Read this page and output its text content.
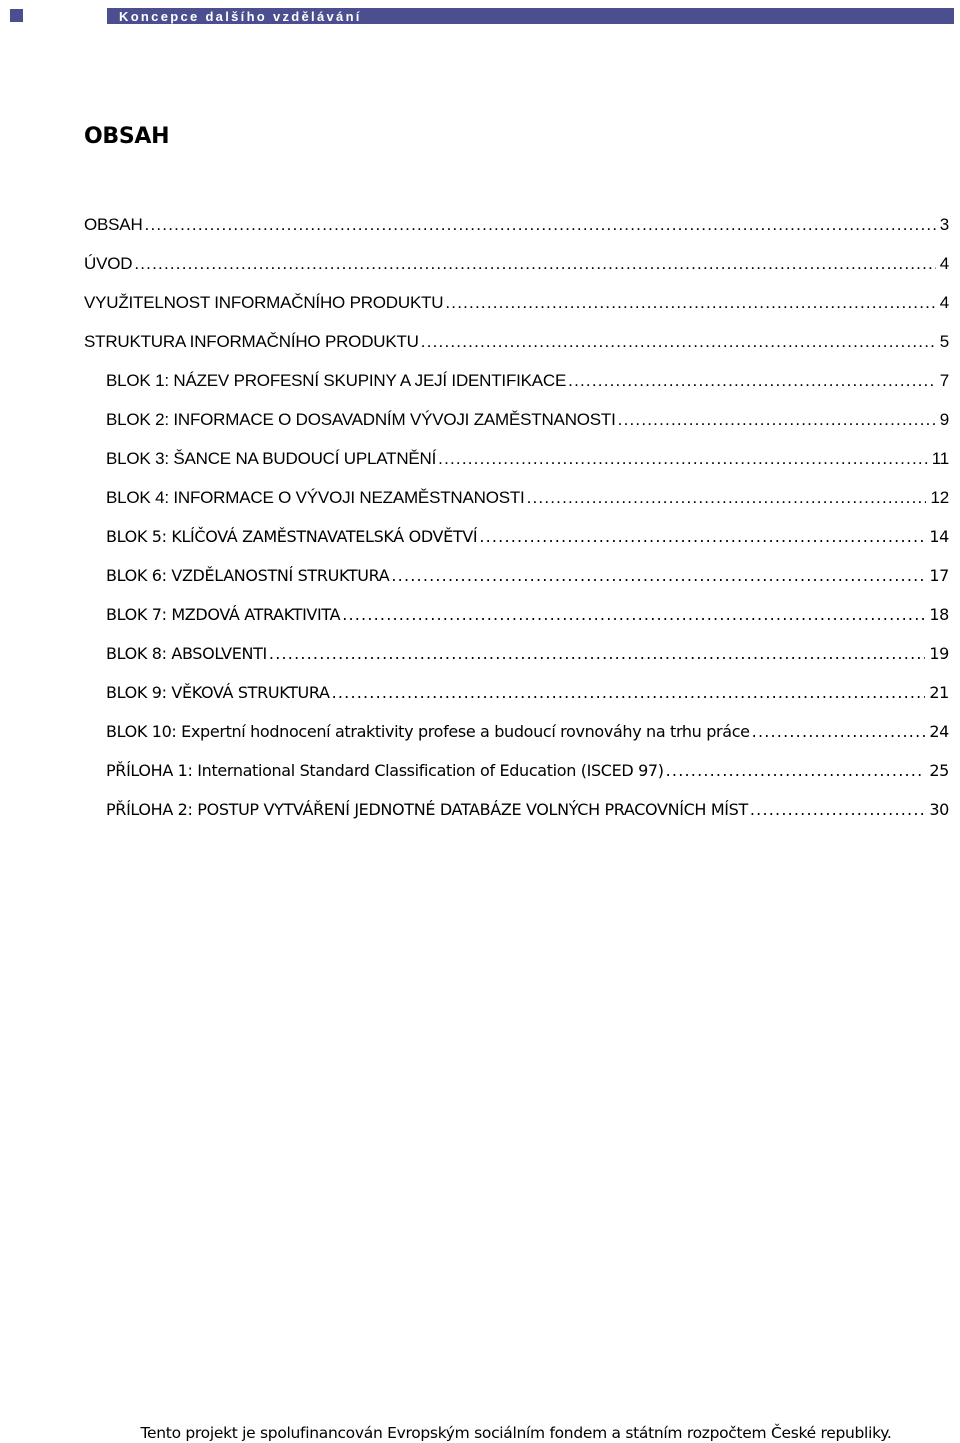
Koncepce dalšího vzdělávání
OBSAH
OBSAH .....	3
ÚVOD .....	4
VYUŽITELNOST INFORMAČNÍHO PRODUKTU .....	4
STRUKTURA INFORMAČNÍHO PRODUKTU .....	5
BLOK 1: NÁZEV PROFESNÍ SKUPINY A JEJÍ IDENTIFIKACE .....	7
BLOK 2: INFORMACE O DOSAVADNÍM VÝVOJI ZAMĚSTNANOSTI .....	9
BLOK 3: ŠANCE NA BUDOUCÍ UPLATNĚNÍ .....	11
BLOK 4: INFORMACE O VÝVOJI NEZAMĚSTNANOSTI .....	12
BLOK 5: KLÍČOVÁ ZAMĚSTNAVATELSKÁ ODVĚTVÍ .....	14
BLOK 6: VZDĚLANOSTNÍ STRUKTURA .....	17
BLOK 7: MZDOVÁ ATRAKTIVITA .....	18
BLOK 8: ABSOLVENTI .....	19
BLOK 9: VĚKOVÁ STRUKTURA .....	21
BLOK 10: Expertní hodnocení atraktivity profese a budoucí rovnováhy na trhu práce .....	24
PŘÍLOHA 1: International Standard Classification of Education (ISCED 97) .....	25
PŘÍLOHA 2: POSTUP VYTVÁŘENÍ JEDNOTNÉ DATABÁZE VOLNÝCH PRACOVNÍCH MÍST .....	30
Tento projekt je spolufinancován Evropským sociálním fondem a státním rozpočtem České republiky.
